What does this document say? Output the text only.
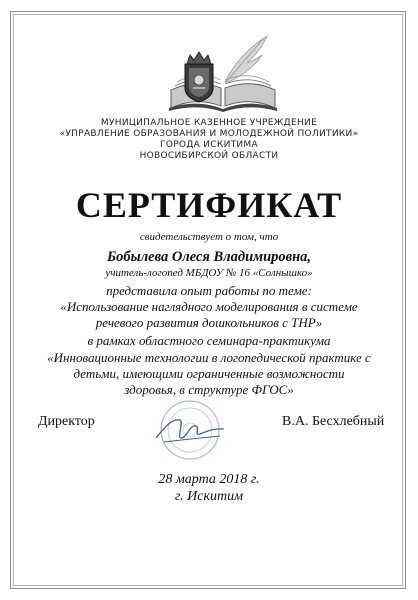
МУНИЦИПАЛЬНОЕ КАЗЕННОЕ УЧРЕЖДЕНИЕ
«УПРАВЛЕНИЕ ОБРАЗОВАНИЯ И МОЛОДЕЖНОЙ ПОЛИТИКИ»
ГОРОДА ИСКИТИМА
НОВОСИБИРСКОЙ ОБЛАСТИ
СЕРТИФИКАТ
свидетельствует о том, что
Бобылева Олеся Владимировна,
учитель-логопед МБДОУ № 16 «Солнышко»
представила опыт работы по теме:
«Использование наглядного моделирования в системе
речевого развития дошкольников с ТНР»
в рамках областного семинара-практикума
«Инновационные технологии в логопедической практике с
детьми, имеющими ограниченные возможности
здоровья, в структуре ФГОС»
Директор	В.А. Бесхлебный
28 марта 2018 г.
г. Искитим
